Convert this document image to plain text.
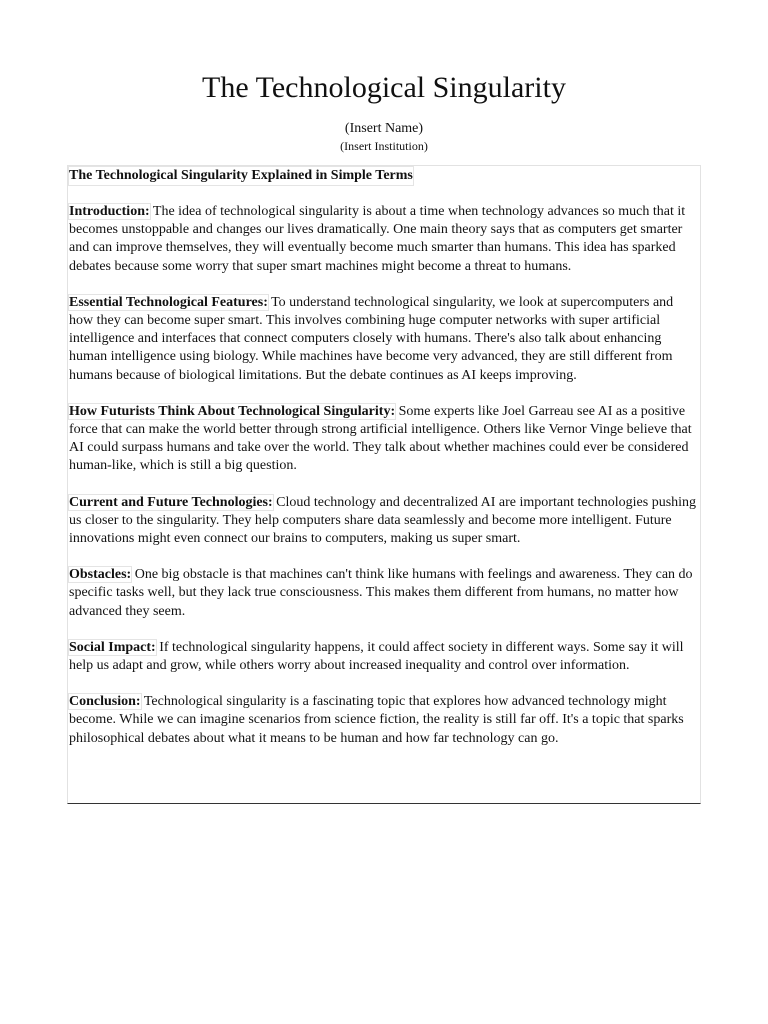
The Technological Singularity
(Insert Name)
(Insert Institution)
The Technological Singularity Explained in Simple Terms

Introduction: The idea of technological singularity is about a time when technology advances so much that it becomes unstoppable and changes our lives dramatically. One main theory says that as computers get smarter and can improve themselves, they will eventually become much smarter than humans. This idea has sparked debates because some worry that super smart machines might become a threat to humans.

Essential Technological Features: To understand technological singularity, we look at supercomputers and how they can become super smart. This involves combining huge computer networks with super artificial intelligence and interfaces that connect computers closely with humans. There's also talk about enhancing human intelligence using biology. While machines have become very advanced, they are still different from humans because of biological limitations. But the debate continues as AI keeps improving.

How Futurists Think About Technological Singularity: Some experts like Joel Garreau see AI as a positive force that can make the world better through strong artificial intelligence. Others like Vernor Vinge believe that AI could surpass humans and take over the world. They talk about whether machines could ever be considered human-like, which is still a big question.

Current and Future Technologies: Cloud technology and decentralized AI are important technologies pushing us closer to the singularity. They help computers share data seamlessly and become more intelligent. Future innovations might even connect our brains to computers, making us super smart.

Obstacles: One big obstacle is that machines can't think like humans with feelings and awareness. They can do specific tasks well, but they lack true consciousness. This makes them different from humans, no matter how advanced they seem.

Social Impact: If technological singularity happens, it could affect society in different ways. Some say it will help us adapt and grow, while others worry about increased inequality and control over information.

Conclusion: Technological singularity is a fascinating topic that explores how advanced technology might become. While we can imagine scenarios from science fiction, the reality is still far off. It's a topic that sparks philosophical debates about what it means to be human and how far technology can go.
